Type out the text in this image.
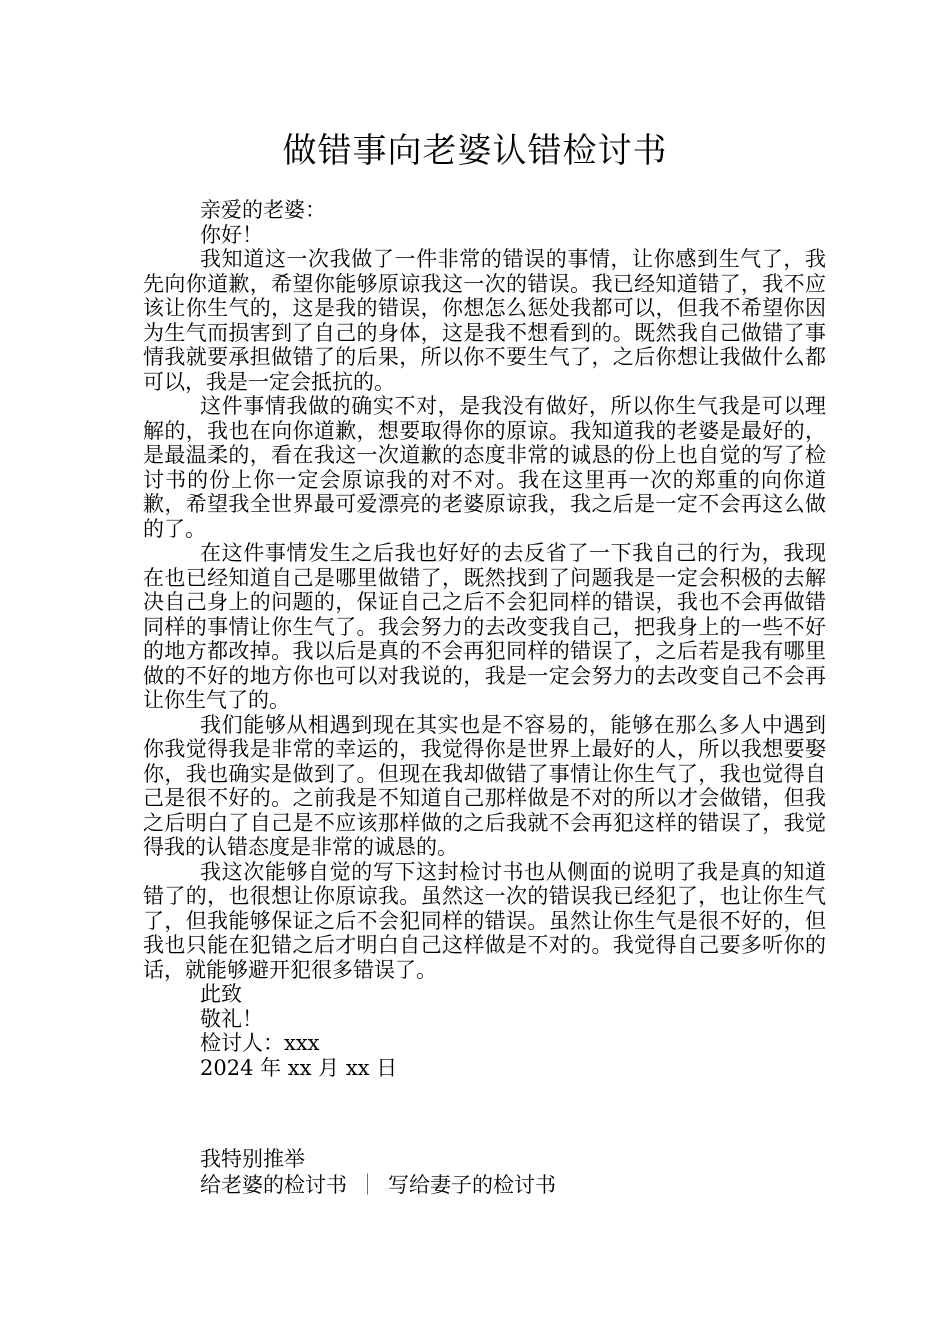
做错事向老婆认错检讨书

亲爱的老婆：

你好！

我知道这一次我做了一件非常的错误的事情，让你感到生气了，我先向你道歉，希望你能够原谅我这一次的错误。我已经知道错了，我不应该让你生气的，这是我的错误，你想怎么惩处我都可以，但我不希望你因为生气而损害到了自己的身体，这是我不想看到的。既然我自己做错了事情我就要承担做错了的后果，所以你不要生气了，之后你想让我做什么都可以，我是一定会抵抗的。

这件事情我做的确实不对，是我没有做好，所以你生气我是可以理解的，我也在向你道歉，想要取得你的原谅。我知道我的老婆是最好的，是最温柔的，看在我这一次道歉的态度非常的诚恳的份上也自觉的写了检讨书的份上你一定会原谅我的对不对。我在这里再一次的郑重的向你道歉，希望我全世界最可爱漂亮的老婆原谅我，我之后是一定不会再这么做的了。

在这件事情发生之后我也好好的去反省了一下我自己的行为，我现在也已经知道自己是哪里做错了，既然找到了问题我是一定会积极的去解决自己身上的问题的，保证自己之后不会犯同样的错误，我也不会再做错同样的事情让你生气了。我会努力的去改变我自己，把我身上的一些不好的地方都改掉。我以后是真的不会再犯同样的错误了，之后若是我有哪里做的不好的地方你也可以对我说的，我是一定会努力的去改变自己不会再让你生气了的。

我们能够从相遇到现在其实也是不容易的，能够在那么多人中遇到你我觉得我是非常的幸运的，我觉得你是世界上最好的人，所以我想要娶你，我也确实是做到了。但现在我却做错了事情让你生气了，我也觉得自己是很不好的。之前我是不知道自己那样做是不对的所以才会做错，但我之后明白了自己是不应该那样做的之后我就不会再犯这样的错误了，我觉得我的认错态度是非常的诚恳的。

我这次能够自觉的写下这封检讨书也从侧面的说明了我是真的知道错了的，也很想让你原谅我。虽然这一次的错误我已经犯了，也让你生气了，但我能够保证之后不会犯同样的错误。虽然让你生气是很不好的，但我也只能在犯错之后才明白自己这样做是不对的。我觉得自己要多听你的话，就能够避开犯很多错误了。

此致

敬礼！

检讨人：xxx

2024 年 xx 月 xx 日

我特别推举

给老婆的检讨书 ｜ 写给妻子的检讨书
